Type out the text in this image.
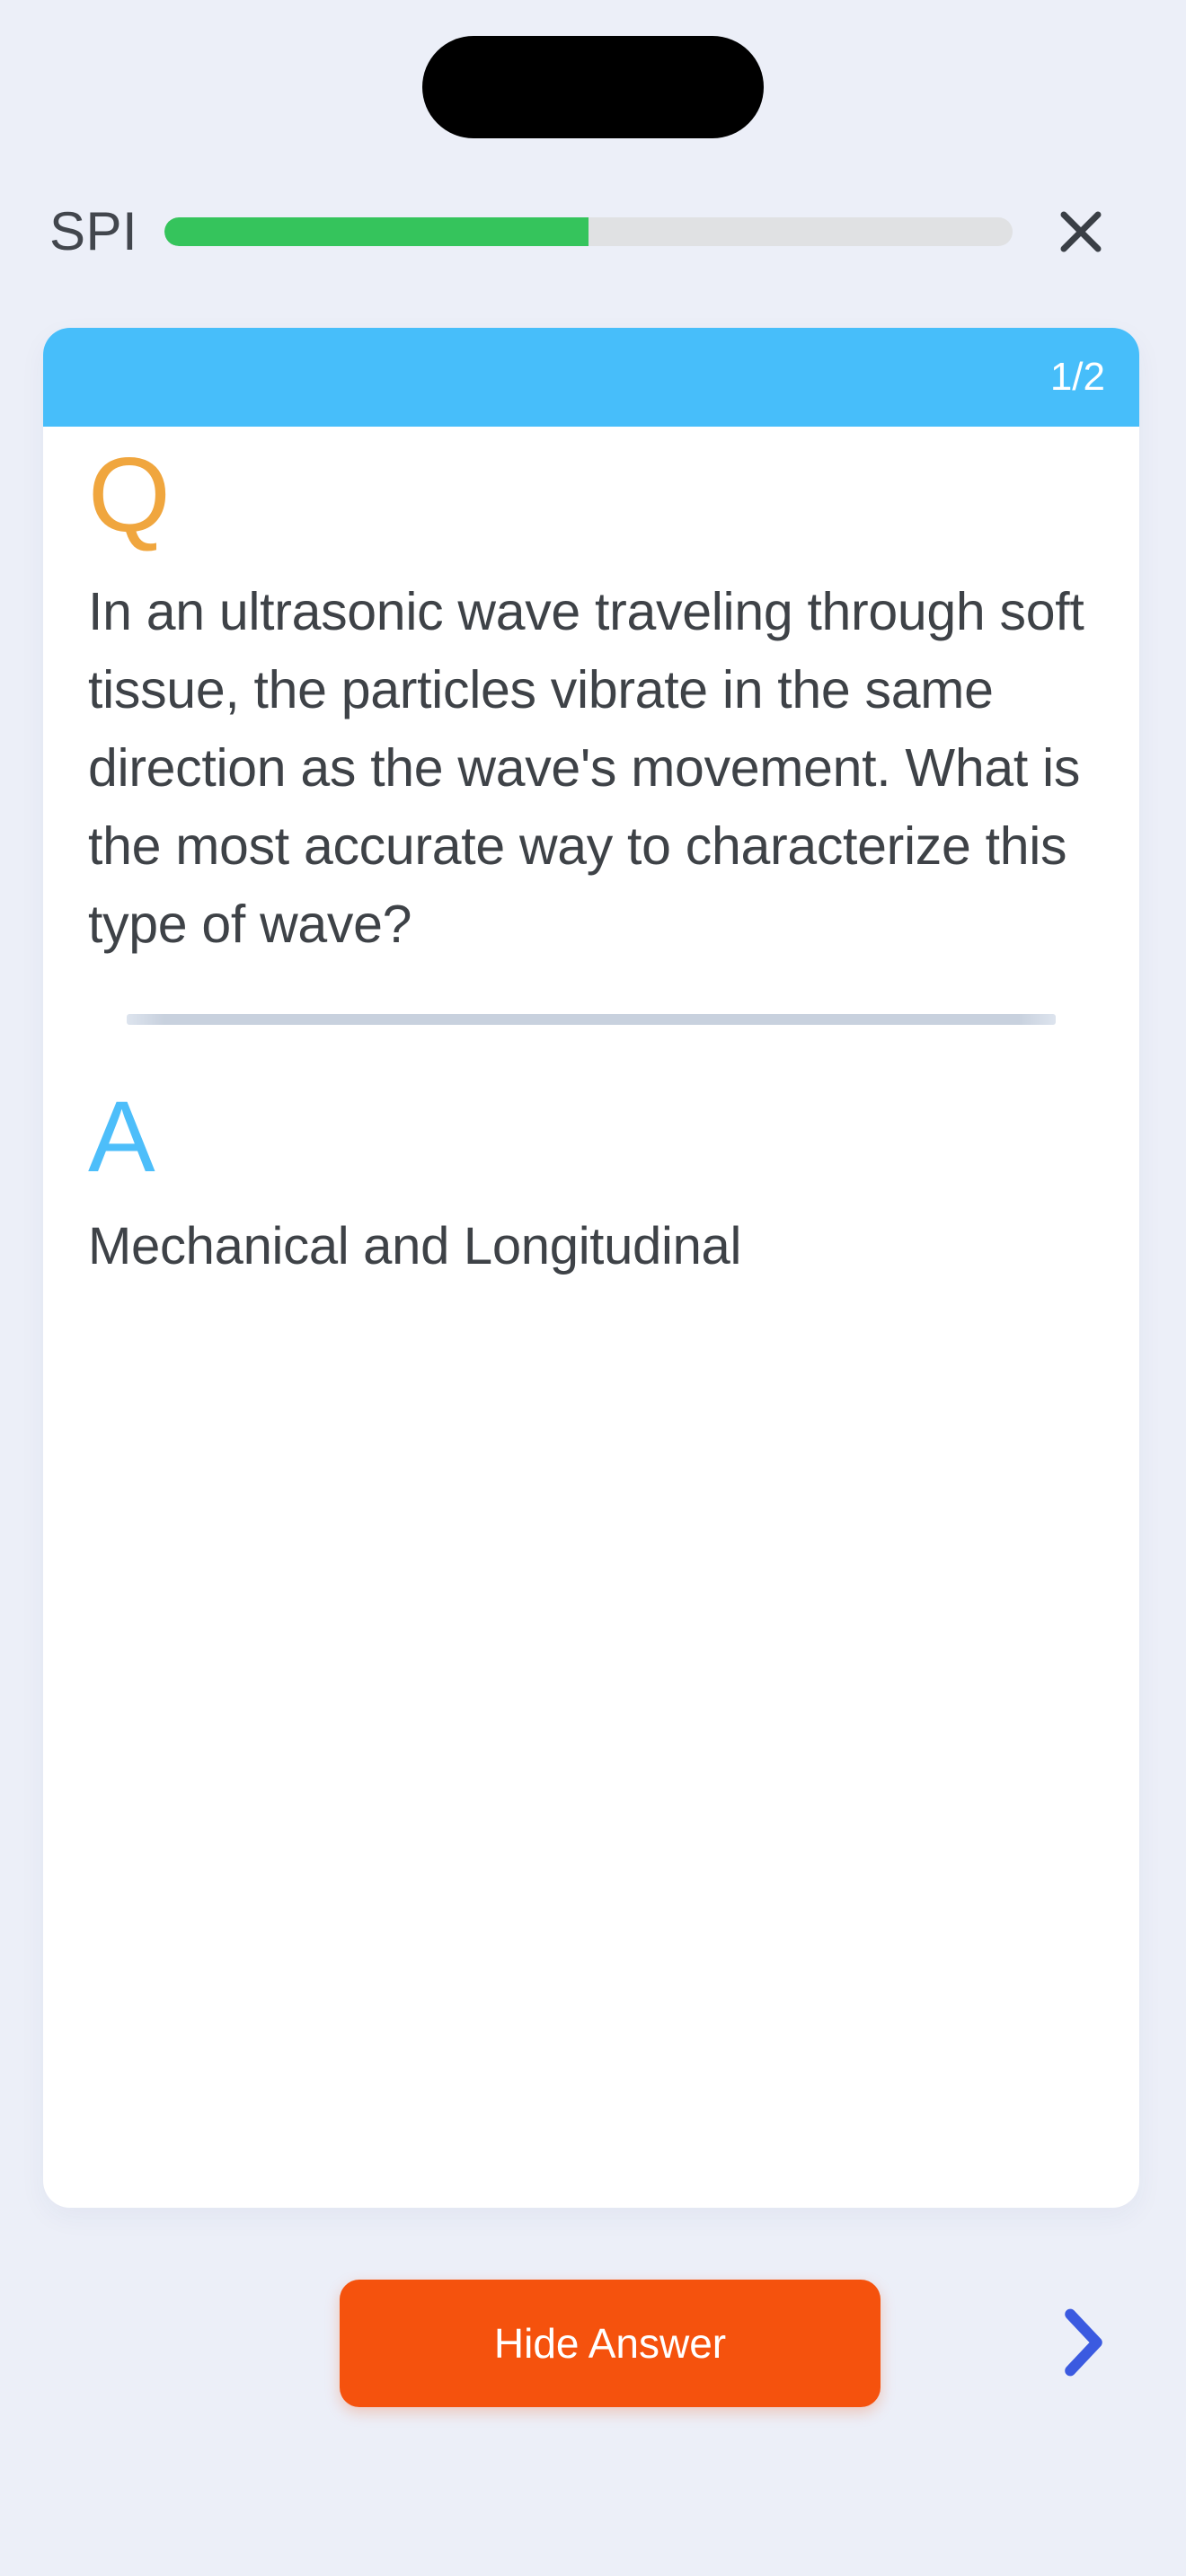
SPI
1/2
Q

In an ultrasonic wave traveling through soft tissue, the particles vibrate in the same direction as the wave's movement. What is the most accurate way to characterize this type of wave?

A

Mechanical and Longitudinal

Hide Answer
